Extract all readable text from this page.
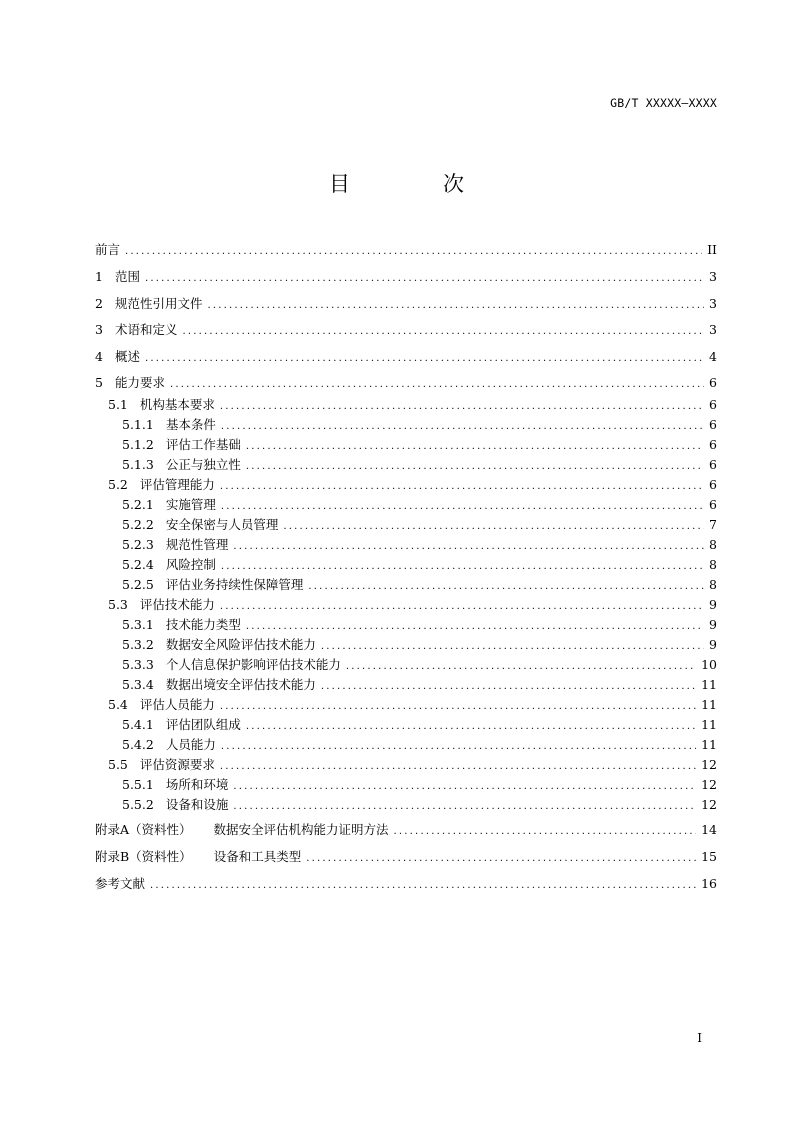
GB/T XXXXX—XXXX
目　次
前言 .....	II
1 范围 .....	3
2 规范性引用文件 .....	3
3 术语和定义 .....	3
4 概述 .....	4
5 能力要求 .....	6
5.1 机构基本要求 .....	6
5.1.1 基本条件 .....	6
5.1.2 评估工作基础 .....	6
5.1.3 公正与独立性 .....	6
5.2 评估管理能力 .....	6
5.2.1 实施管理 .....	6
5.2.2 安全保密与人员管理 .....	7
5.2.3 规范性管理 .....	8
5.2.4 风险控制 .....	8
5.2.5 评估业务持续性保障管理 .....	8
5.3 评估技术能力 .....	9
5.3.1 技术能力类型 .....	9
5.3.2 数据安全风险评估技术能力 .....	9
5.3.3 个人信息保护影响评估技术能力 .....	10
5.3.4 数据出境安全评估技术能力 .....	11
5.4 评估人员能力 .....	11
5.4.1 评估团队组成 .....	11
5.4.2 人员能力 .....	11
5.5 评估资源要求 .....	12
5.5.1 场所和环境 .....	12
5.5.2 设备和设施 .....	12
附录A（资料性） 数据安全评估机构能力证明方法 .....	14
附录B（资料性） 设备和工具类型 .....	15
参考文献 .....	16
I
